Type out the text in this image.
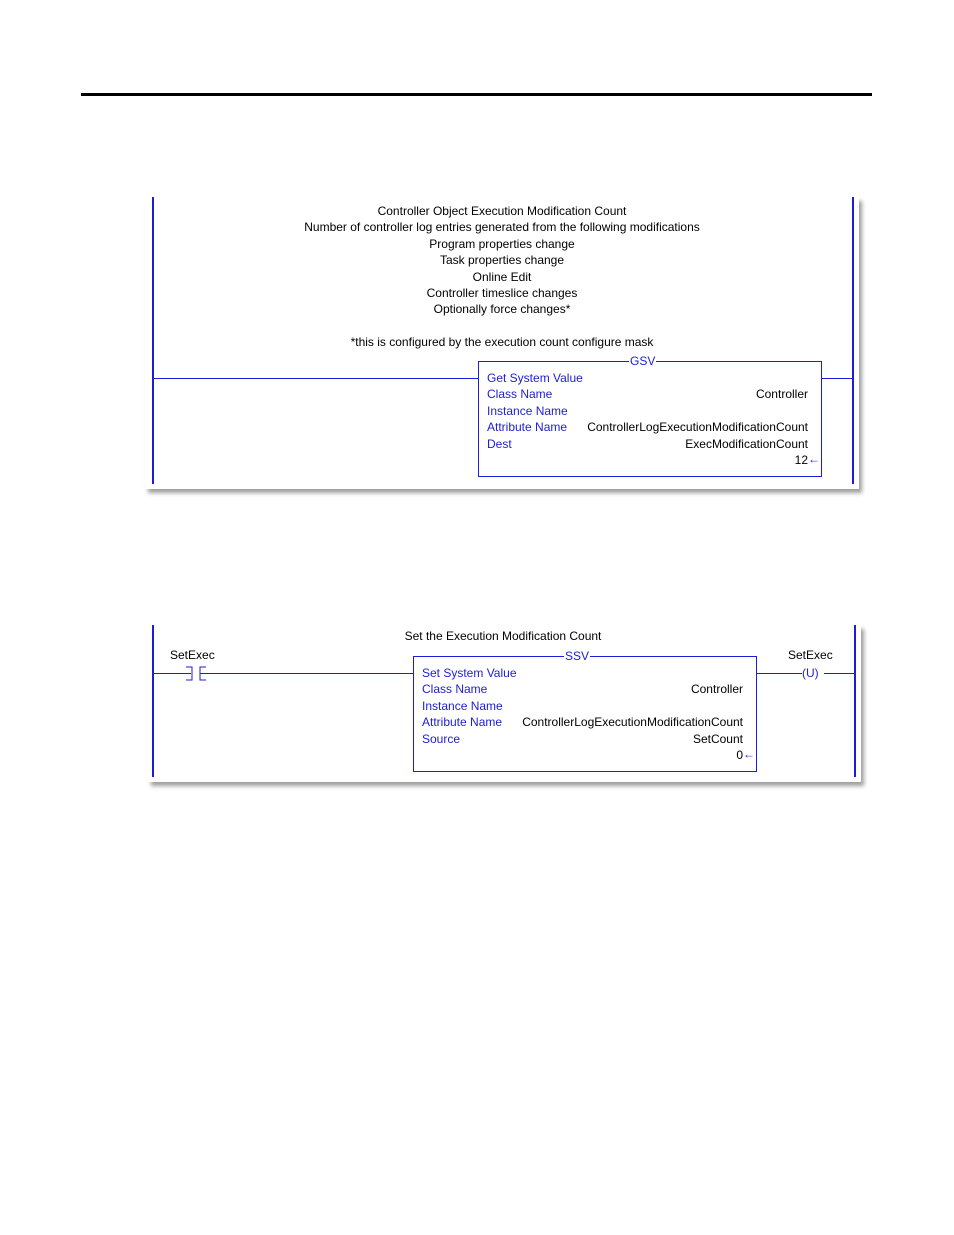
Controller Object Execution Modification Count
Number of controller log entries generated from the following modifications
Program properties change
Task properties change
Online Edit
Controller timeslice changes
Optionally force changes*
*this is configured by the execution count configure mask
GSV
Get System Value
Class Name	Controller
Instance Name
Attribute Name ControllerLogExecutionModificationCount
Dest	ExecModificationCount
12 ←
Set the Execution Modification Count
SetExec	SSV
Set System Value
Class Name	Controller
Instance Name
Attribute Name ControllerLogExecutionModificationCount
Source	SetCount
0 ←
SetExec
(U)
